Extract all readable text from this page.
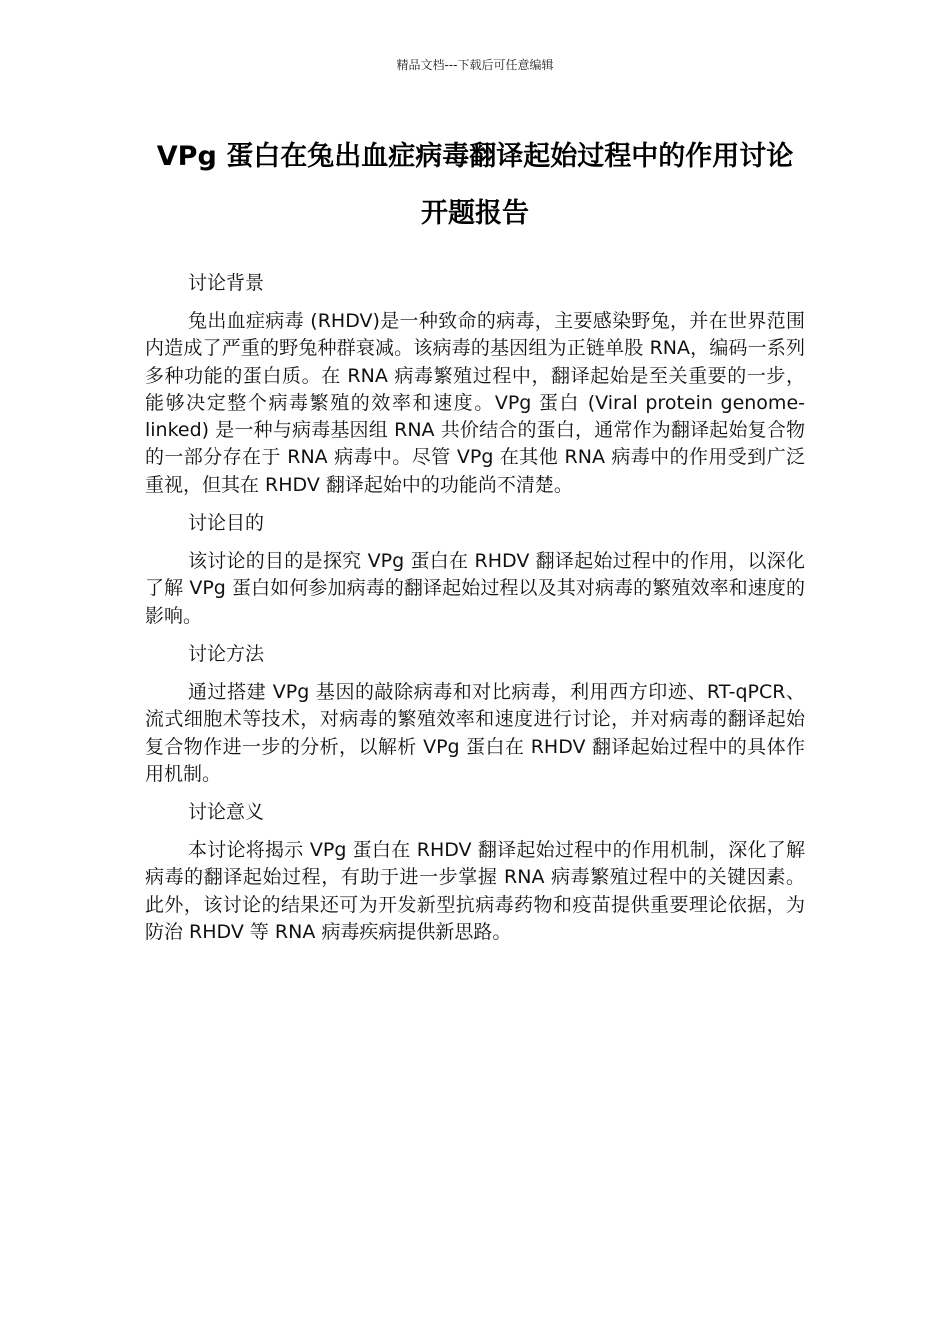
精品文档---下载后可任意编辑
VPg 蛋白在兔出血症病毒翻译起始过程中的作用讨论开题报告

讨论背景

兔出血症病毒 (RHDV)是一种致命的病毒，主要感染野兔，并在世界范围内造成了严重的野兔种群衰减。该病毒的基因组为正链单股 RNA，编码一系列多种功能的蛋白质。在 RNA 病毒繁殖过程中，翻译起始是至关重要的一步，能够决定整个病毒繁殖的效率和速度。VPg 蛋白 (Viral protein genome-linked) 是一种与病毒基因组 RNA 共价结合的蛋白，通常作为翻译起始复合物的一部分存在于 RNA 病毒中。尽管 VPg 在其他 RNA 病毒中的作用受到广泛重视，但其在 RHDV 翻译起始中的功能尚不清楚。

讨论目的

该讨论的目的是探究 VPg 蛋白在 RHDV 翻译起始过程中的作用，以深化了解 VPg 蛋白如何参加病毒的翻译起始过程以及其对病毒的繁殖效率和速度的影响。

讨论方法

通过搭建 VPg 基因的敲除病毒和对比病毒，利用西方印迹、RT-qPCR、流式细胞术等技术，对病毒的繁殖效率和速度进行讨论，并对病毒的翻译起始复合物作进一步的分析，以解析 VPg 蛋白在 RHDV 翻译起始过程中的具体作用机制。

讨论意义

本讨论将揭示 VPg 蛋白在 RHDV 翻译起始过程中的作用机制，深化了解病毒的翻译起始过程，有助于进一步掌握 RNA 病毒繁殖过程中的关键因素。此外，该讨论的结果还可为开发新型抗病毒药物和疫苗提供重要理论依据，为防治 RHDV 等 RNA 病毒疾病提供新思路。
